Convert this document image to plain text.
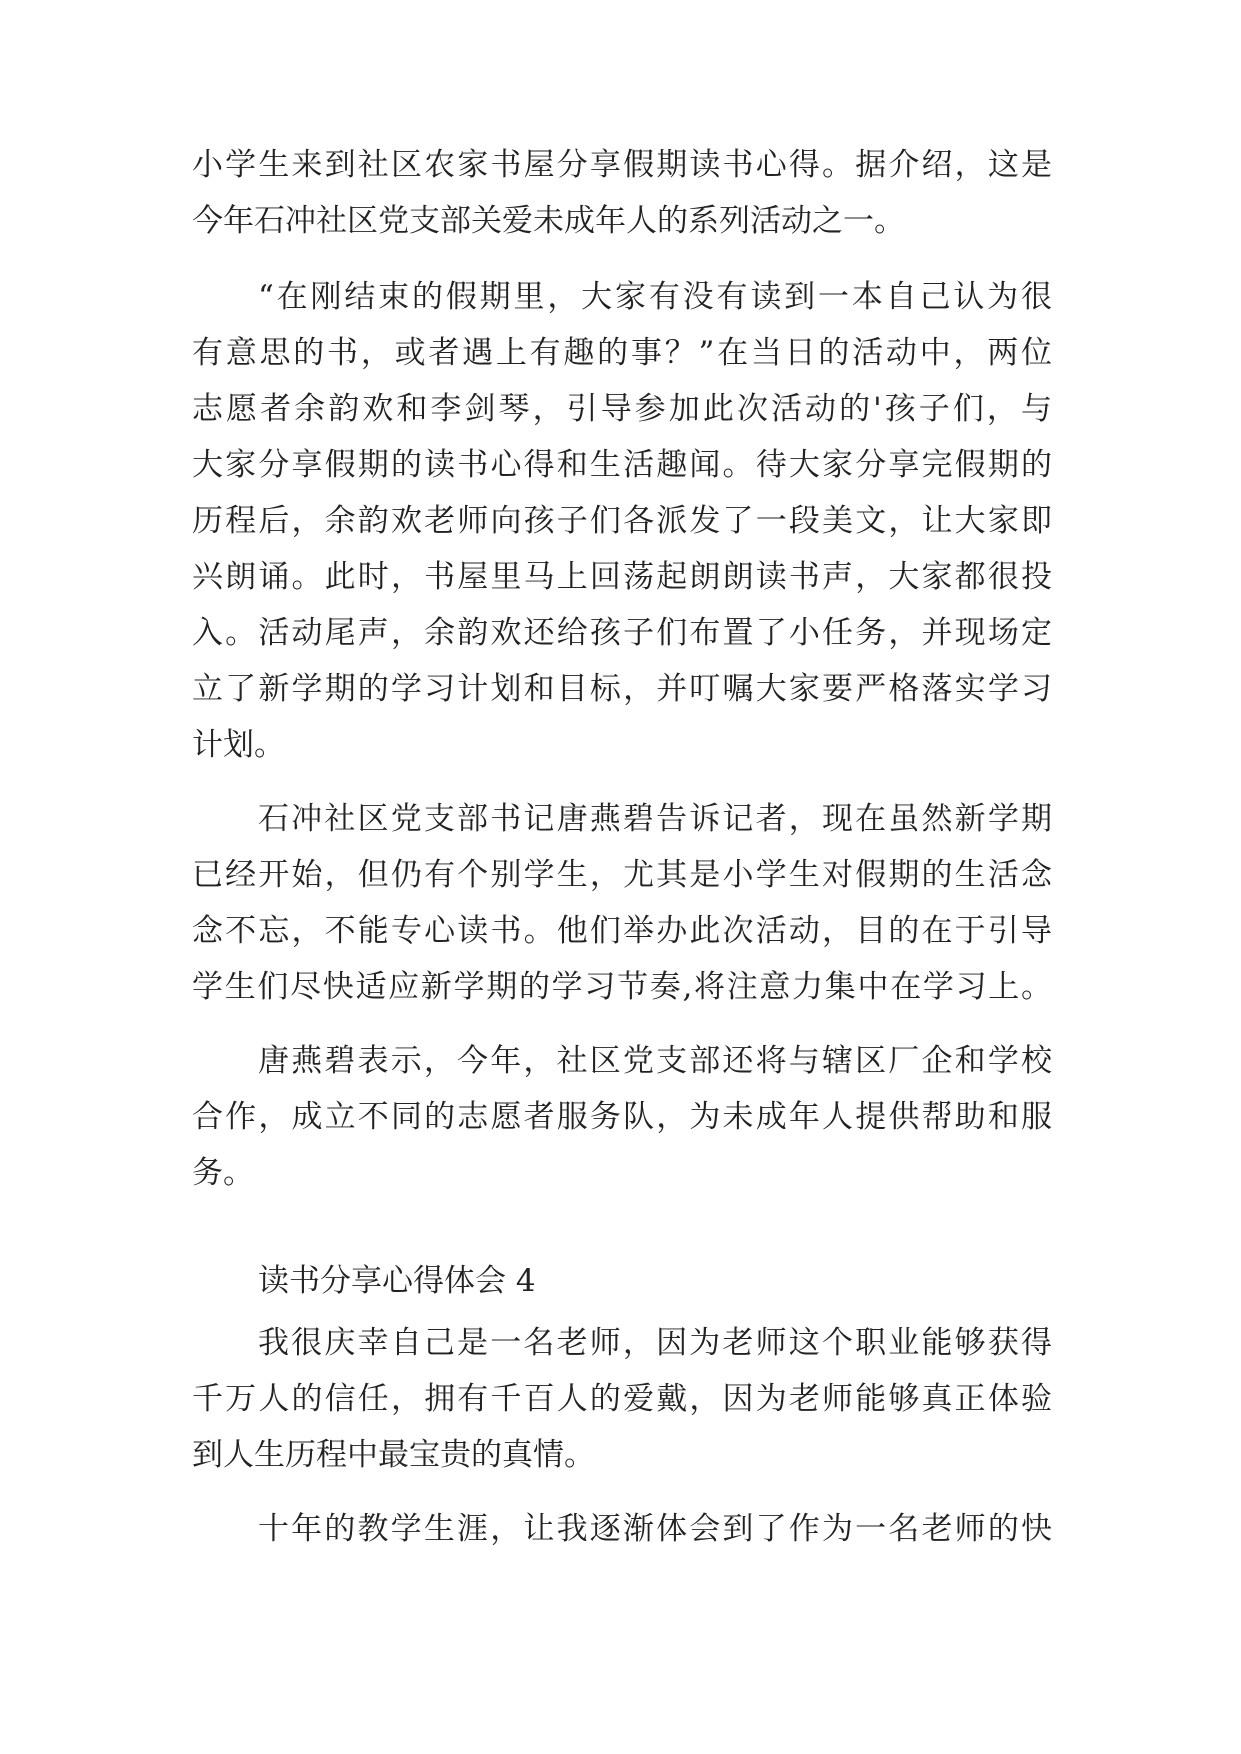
小学生来到社区农家书屋分享假期读书心得。据介绍，这是

今年石冲社区党支部关爱未成年人的系列活动之一。

“在刚结束的假期里，大家有没有读到一本自己认为很

有意思的书，或者遇上有趣的事？”在当日的活动中，两位

志愿者余韵欢和李剑琴，引导参加此次活动的'孩子们，与

大家分享假期的读书心得和生活趣闻。待大家分享完假期的

历程后，余韵欢老师向孩子们各派发了一段美文，让大家即

兴朗诵。此时，书屋里马上回荡起朗朗读书声，大家都很投

入。活动尾声，余韵欢还给孩子们布置了小任务，并现场定

立了新学期的学习计划和目标，并叮嘱大家要严格落实学习

计划。

石冲社区党支部书记唐燕碧告诉记者，现在虽然新学期

已经开始，但仍有个别学生，尤其是小学生对假期的生活念

念不忘，不能专心读书。他们举办此次活动，目的在于引导

学生们尽快适应新学期的学习节奏,将注意力集中在学习上。

唐燕碧表示，今年，社区党支部还将与辖区厂企和学校

合作，成立不同的志愿者服务队，为未成年人提供帮助和服

务。

读书分享心得体会 4

我很庆幸自己是一名老师，因为老师这个职业能够获得

千万人的信任，拥有千百人的爱戴，因为老师能够真正体验

到人生历程中最宝贵的真情。

十年的教学生涯，让我逐渐体会到了作为一名老师的快
